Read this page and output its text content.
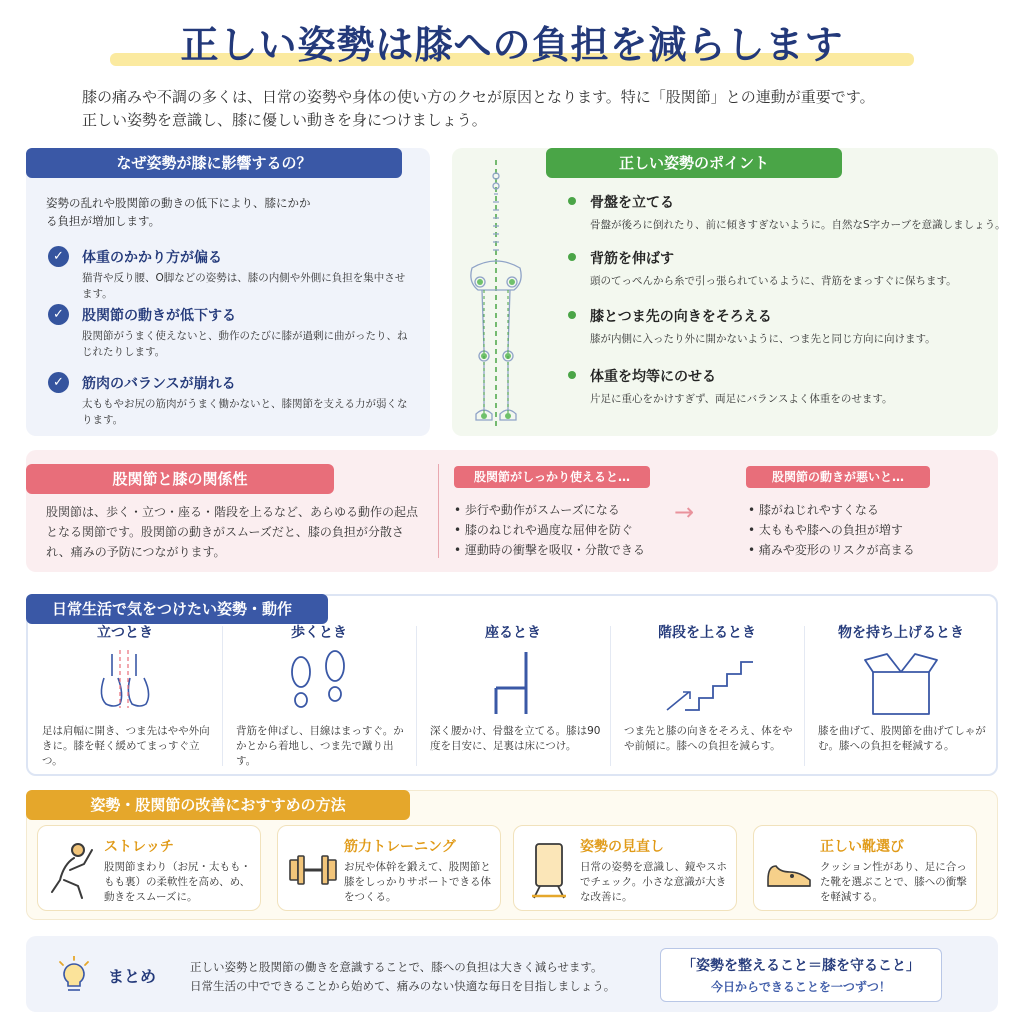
正しい姿勢は膝への負担を減らします
膝の痛みや不調の多くは、日常の姿勢や身体の使い方のクセが原因となります。特に「股関節」との連動が重要です。
正しい姿勢を意識し、膝に優しい動きを身につけましょう。
なぜ姿勢が膝に影響するの？
姿勢の乱れや股関節の動きの低下により、膝にかかる負担が増加します。
✓	体重のかかり方が偏る
猫背や反り腰、O脚などの姿勢は、膝の内側や外側に負担を集中させます。
✓	股関節の動きが低下する
股関節がうまく使えないと、動作のたびに膝が過剰に曲がったり、ねじれたりします。
✓	筋肉のバランスが崩れる
太ももやお尻の筋肉がうまく働かないと、膝関節を支える力が弱くなります。
正しい姿勢のポイント
骨盤を立てる
骨盤が後ろに倒れたり、前に傾きすぎないように。自然なS字カーブを意識しましょう。
背筋を伸ばす
頭のてっぺんから糸で引っ張られているように、背筋をまっすぐに保ちます。
膝とつま先の向きをそろえる
膝が内側に入ったり外に開かないように、つま先と同じ方向に向けます。
体重を均等にのせる
片足に重心をかけすぎず、両足にバランスよく体重をのせます。
股関節と膝の関係性
股関節は、歩く・立つ・座る・階段を上るなど、あらゆる動作の起点となる関節です。股関節の動きがスムーズだと、膝の負担が分散され、痛みの予防につながります。
股関節がしっかり使えると…
• 歩行や動作がスムーズになる
• 膝のねじれや過度な屈伸を防ぐ
• 運動時の衝撃を吸収・分散できる
→
股関節の動きが悪いと…
• 膝がねじれやすくなる
• 太ももや膝への負担が増す
• 痛みや変形のリスクが高まる
日常生活で気をつけたい姿勢・動作
立つとき
足は肩幅に開き、つま先はやや外向きに。膝を軽く緩めてまっすぐ立つ。
歩くとき
背筋を伸ばし、目線はまっすぐ。かかとから着地し、つま先で蹴り出す。
座るとき
深く腰かけ、骨盤を立てる。膝は90度を目安に、足裏は床につけ。
階段を上るとき
つま先と膝の向きをそろえ、体をやや前傾に。膝への負担を減らす。
物を持ち上げるとき
膝を曲げて、股関節を曲げてしゃがむ。膝への負担を軽減する。
姿勢・股関節の改善におすすめの方法
ストレッチ
股関節まわり（お尻・太もも・もも裏）の柔軟性を高め、め、動きをスムーズに。
筋力トレーニング
お尻や体幹を鍛えて、股関節と膝をしっかりサポートできる体をつくる。
姿勢の見直し
日常の姿勢を意識し、鏡やスホでチェック。小さな意識が大きな改善に。
正しい靴選び
クッション性があり、足に合った靴を選ぶことで、膝への衝撃を軽減する。
まとめ	正しい姿勢と股関節の働きを意識することで、膝への負担は大きく減らせます。
日常生活の中でできることから始めて、痛みのない快適な毎日を目指しましょう。
「姿勢を整えること＝膝を守ること」
今日からできることを一つずつ！
